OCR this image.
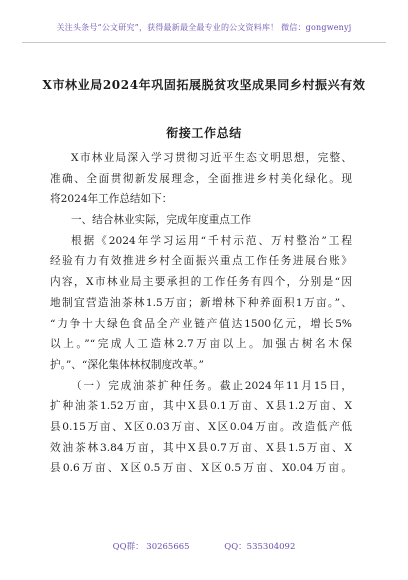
关注头条号“公文研究”，获得最新最全最专业的公文资料库！ 微信：gongwenyj
X市林业局2024年巩固拓展脱贫攻坚成果同乡村振兴有效
衔接工作总结
X市林业局深入学习贯彻习近平生态文明思想，完整、
准确、全面贯彻新发展理念，全面推进乡村美化绿化。现
将2024年工作总结如下：
一、结合林业实际，完成年度重点工作
根据《2024年学习运用“千村示范、万村整治”工程
经验有力有效推进乡村全面振兴重点工作任务进展台账》
内容，X市林业局主要承担的工作任务有四个，分别是“因
地制宜营造油茶林1.5万亩；新增林下种养面积1万亩。”、
“力争十大绿色食品全产业链产值达1500亿元，增长5%
以上。”“完成人工造林2.7万亩以上。加强古树名木保
护。”、“深化集体林权制度改革。”
（一）完成油茶扩种任务。截止2024年11月15日，
扩种油茶1.52万亩，其中X县0.1万亩、X县1.2万亩、X
县0.15万亩、X区0.03万亩、X区0.04万亩。改造低产低
效油茶林3.84万亩，其中X县0.7万亩、X县1.5万亩、X
县0.6万亩、X区0.5万亩、X区0.5万亩、X0.04万亩。
QQ群： 30265665	QQ：535304092
